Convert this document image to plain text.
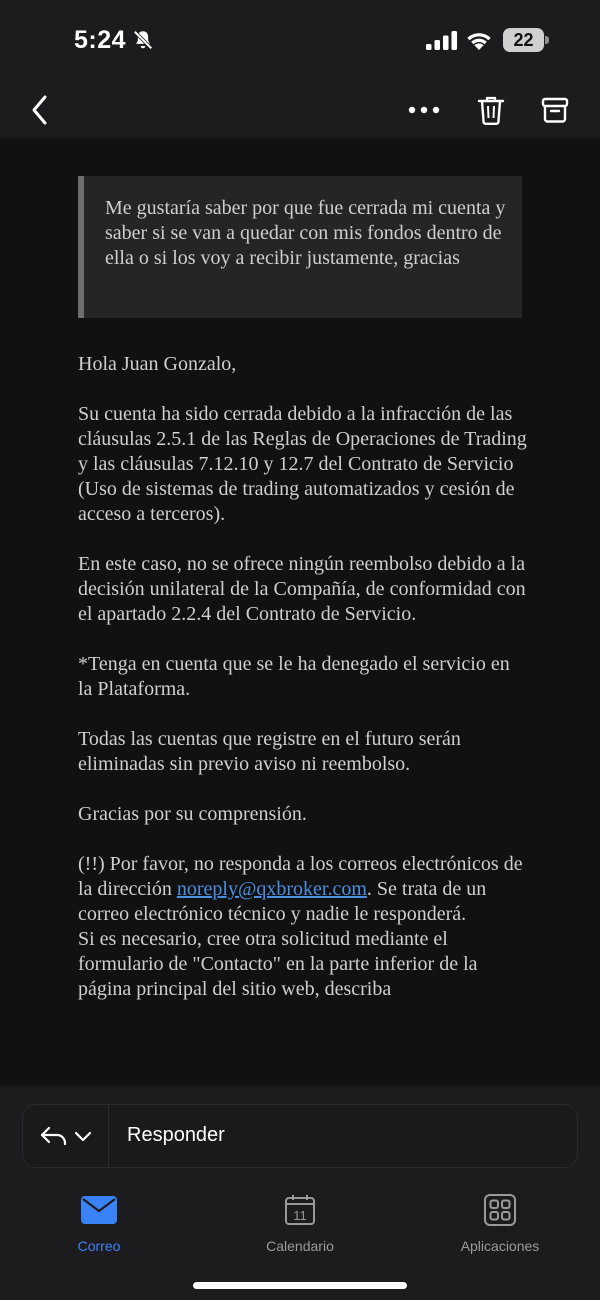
5:24	22
Me gustaría saber por que fue cerrada mi cuenta y saber si se van a quedar con mis fondos dentro de ella o si los voy a recibir justamente, gracias

Hola Juan Gonzalo,

Su cuenta ha sido cerrada debido a la infracción de las cláusulas 2.5.1 de las Reglas de Operaciones de Trading y las cláusulas 7.12.10 y 12.7 del Contrato de Servicio (Uso de sistemas de trading automatizados y cesión de acceso a terceros).

En este caso, no se ofrece ningún reembolso debido a la decisión unilateral de la Compañía, de conformidad con el apartado 2.2.4 del Contrato de Servicio.

*Tenga en cuenta que se le ha denegado el servicio en la Plataforma.

Todas las cuentas que registre en el futuro serán eliminadas sin previo aviso ni reembolso.

Gracias por su comprensión.

(!!) Por favor, no responda a los correos electrónicos de la dirección noreply@qxbroker.com. Se trata de un correo electrónico técnico y nadie le responderá.
Si es necesario, cree otra solicitud mediante el formulario de "Contacto" en la parte inferior de la página principal del sitio web, describa
Responder
Correo
11
Calendario	Aplicaciones
